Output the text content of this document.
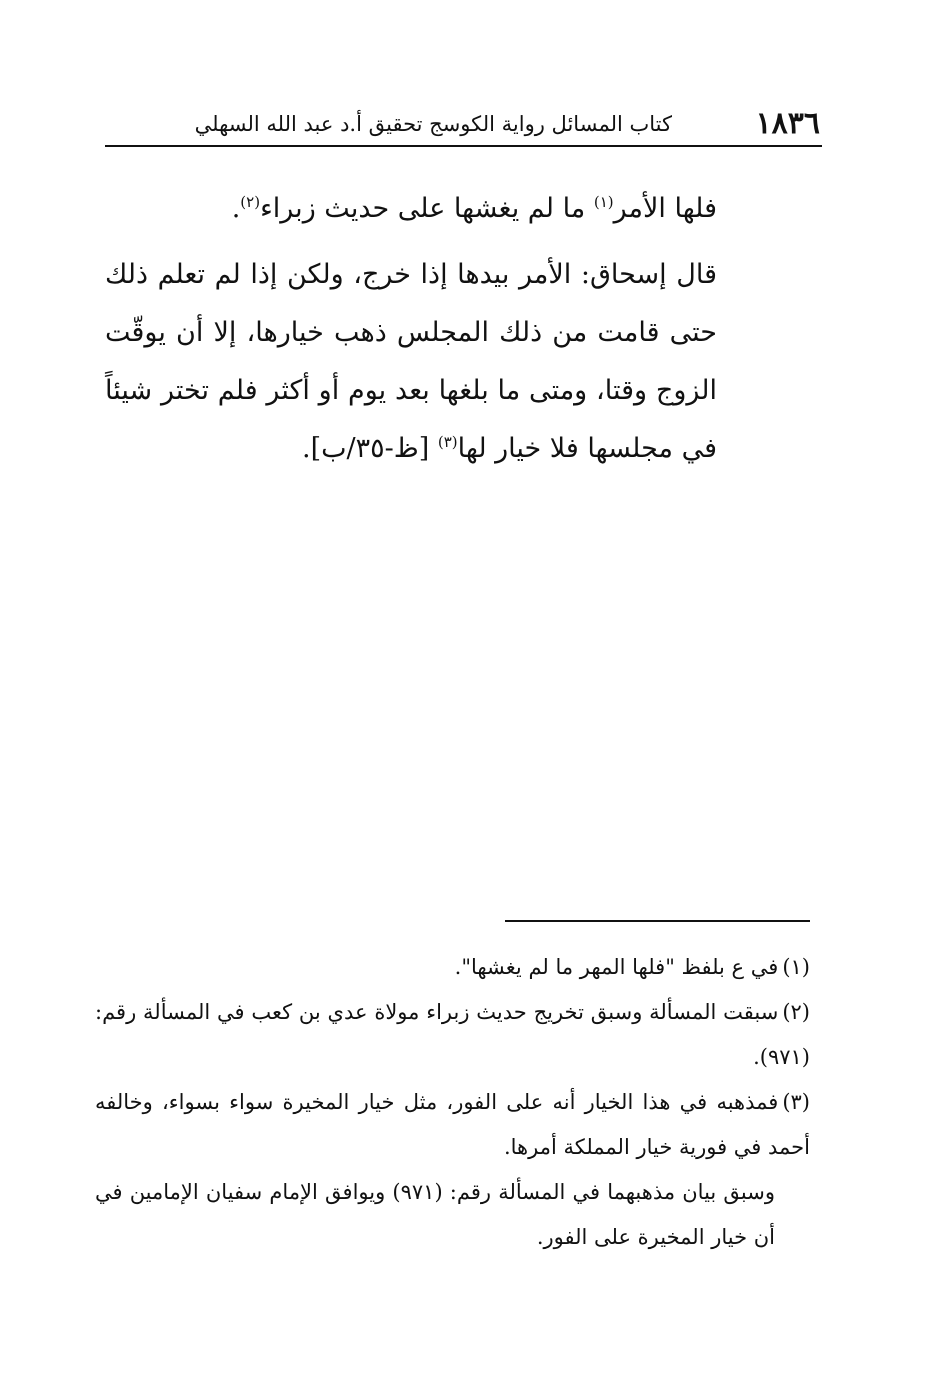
١٨٣٦
كتاب المسائل رواية الكوسج تحقيق أ.د عبد الله السهلي

فلها الأمر$^{(١)}$ ما لم يغشها على حديث زبراء$^{(٢)}$.

قال إسحاق: الأمر بيدها إذا خرج، ولكن إذا لم تعلم ذلك حتى قامت من ذلك المجلس ذهب خيارها، إلا أن يوقّت الزوج وقتا، ومتى ما بلغها بعد يوم أو أكثر فلم تختر شيئاً في مجلسها فلا خيار لها$^{(٣)}$ [ظ-٣٥/ب].

(١)في ع بلفظ "فلها المهر ما لم يغشها".

(٢)سبقت المسألة وسبق تخريج حديث زبراء مولاة عدي بن كعب في المسألة رقم: (٩٧١).

(٣)فمذهبه في هذا الخيار أنه على الفور، مثل خيار المخيرة سواء بسواء، وخالفه أحمد في فورية خيار المملكة أمرها.

وسبق بيان مذهبهما في المسألة رقم: (٩٧١) ويوافق الإمام سفيان الإمامين في أن خيار المخيرة على الفور.
